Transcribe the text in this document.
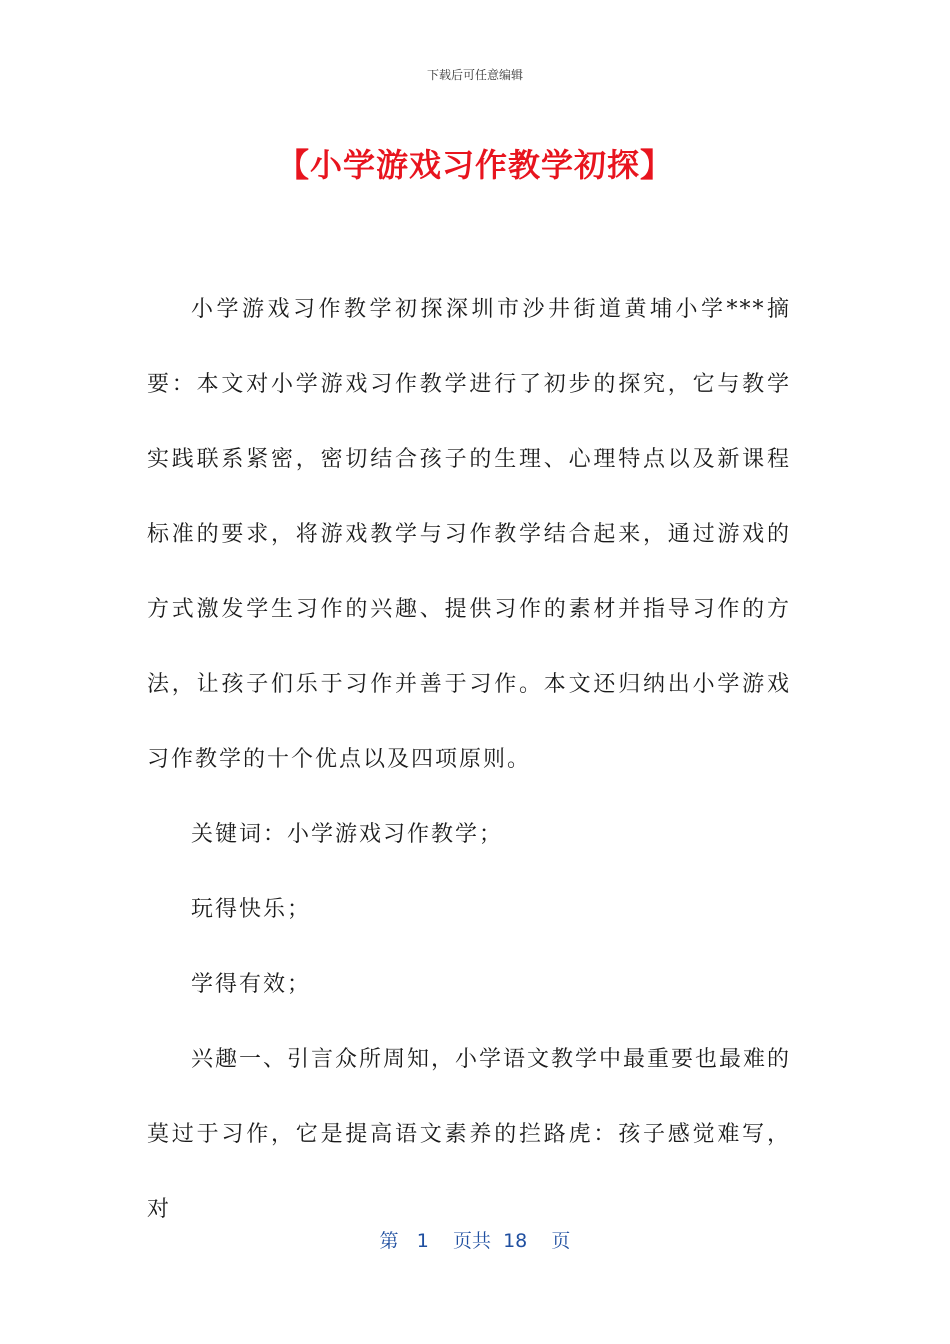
下载后可任意编辑
【小学游戏习作教学初探】

小学游戏习作教学初探深圳市沙井街道黄埔小学***摘要：本文对小学游戏习作教学进行了初步的探究，它与教学实践联系紧密，密切结合孩子的生理、心理特点以及新课程标准的要求，将游戏教学与习作教学结合起来，通过游戏的方式激发学生习作的兴趣、提供习作的素材并指导习作的方法，让孩子们乐于习作并善于习作。本文还归纳出小学游戏习作教学的十个优点以及四项原则。

关键词：小学游戏习作教学；

玩得快乐；

学得有效；

兴趣一、引言众所周知，小学语文教学中最重要也最难的莫过于习作，它是提高语文素养的拦路虎：孩子感觉难写，对

第 1 页共 18 页
